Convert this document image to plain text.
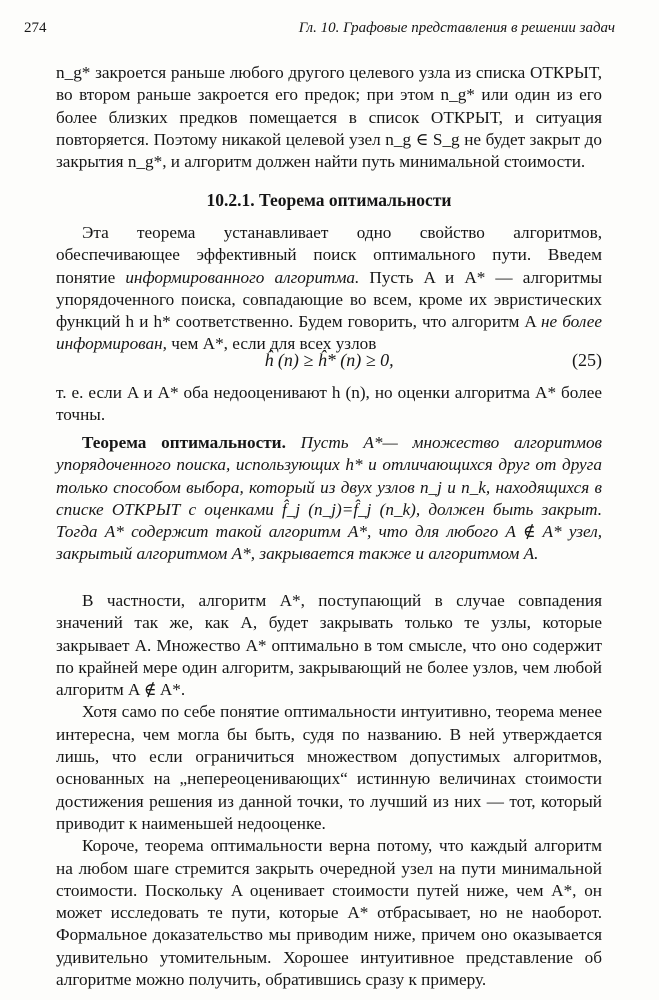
274	Гл. 10. Графовые представления в решении задач

n_g* закроется раньше любого другого целевого узла из списка ОТКРЫТ, во втором раньше закроется его предок; при этом n_g* или один из его более близких предков помещается в список ОТКРЫТ, и ситуация повторяется. Поэтому никакой целевой узел n_g ∈ S_g не будет закрыт до закрытия n_g*, и алгоритм должен найти путь минимальной стоимости.

10.2.1. Теорема оптимальности

Эта теорема устанавливает одно свойство алгоритмов, обеспечивающее эффективный поиск оптимального пути. Введем понятие информированного алгоритма. Пусть A и A* — алгоритмы упорядоченного поиска, совпадающие во всем, кроме их эвристических функций h и h* соответственно. Будем говорить, что алгоритм A не более информирован, чем A*, если для всех узлов

ĥ (n) ≥ ĥ* (n) ≥ 0,	(25)

т. е. если A и A* оба недооценивают h (n), но оценки алгоритма A* более точны.

Теорема оптимальности. Пусть A*— множество алгоритмов упорядоченного поиска, использующих h* и отличающихся друг от друга только способом выбора, который из двух узлов n_j и n_k, находящихся в списке ОТКРЫТ с оценками f̂_j (n_j)=f̂_j (n_k), должен быть закрыт. Тогда A* содержит такой алгоритм A*, что для любого A ∉ A* узел, закрытый алгоритмом A*, закрывается также и алгоритмом A.

В частности, алгоритм A*, поступающий в случае совпадения значений так же, как A, будет закрывать только те узлы, которые закрывает A. Множество A* оптимально в том смысле, что оно содержит по крайней мере один алгоритм, закрывающий не более узлов, чем любой алгоритм A ∉ A*.

Хотя само по себе понятие оптимальности интуитивно, теорема менее интересна, чем могла бы быть, судя по названию. В ней утверждается лишь, что если ограничиться множеством допустимых алгоритмов, основанных на „непереоценивающих“ истинную величинах стоимости достижения решения из данной точки, то лучший из них — тот, который приводит к наименьшей недооценке.

Короче, теорема оптимальности верна потому, что каждый алгоритм на любом шаге стремится закрыть очередной узел на пути минимальной стоимости. Поскольку A оценивает стоимости путей ниже, чем A*, он может исследовать те пути, которые A* отбрасывает, но не наоборот. Формальное доказательство мы приводим ниже, причем оно оказывается удивительно утомительным. Хорошее интуитивное представление об алгоритме можно получить, обратившись сразу к примеру.
